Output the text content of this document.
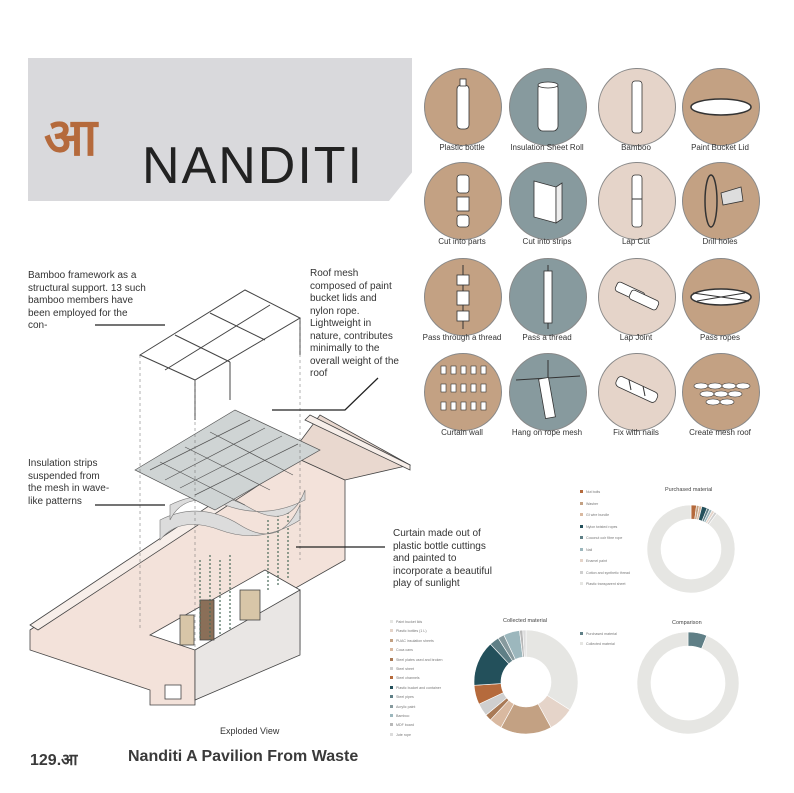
आ NANDITI	Plastic bottle	Insulation Sheet Roll	Bamboo	Paint Bucket Lid
Cut into parts	Cut into strips	Lap Cut	Drill holes
Pass through a thread	Pass a thread	Lap Joint	Pass ropes
Curtain wall	Hang on rope mesh	Fix with nails	Create mesh roof
Bamboo framework as a structural support. 13 such bamboo members have been employed for the con-
Roof mesh composed of paint bucket lids and nylon rope. Lightweight in nature, contributes minimally to the overall weight of the roof
Insulation strips suspended from the mesh in wave-like patterns
Curtain made out of plastic bottle cuttings and painted to incorporate a beautiful play of sunlight
Exploded View
Purchased material
Nut bolts
Washer
GI wire bundle
Nylon twisted ropes
Coconut coir fibre rope
Nail
Enamel paint
Cotton and synthetic thread
Plastic transparent sheet
Collected material
Paint bucket lids
Plastic bottles (1 L)
PUAC insulation sheets
Coca cans
Steel plates used and broken
Steel sheet
Steel channels
Plastic bucket and container
Steel pipes
Acrylic paint
Bamboo
MDF board
Jute rope
Comparison
Purchased material
Collected material
129.आ	Nanditi A Pavilion From Waste
